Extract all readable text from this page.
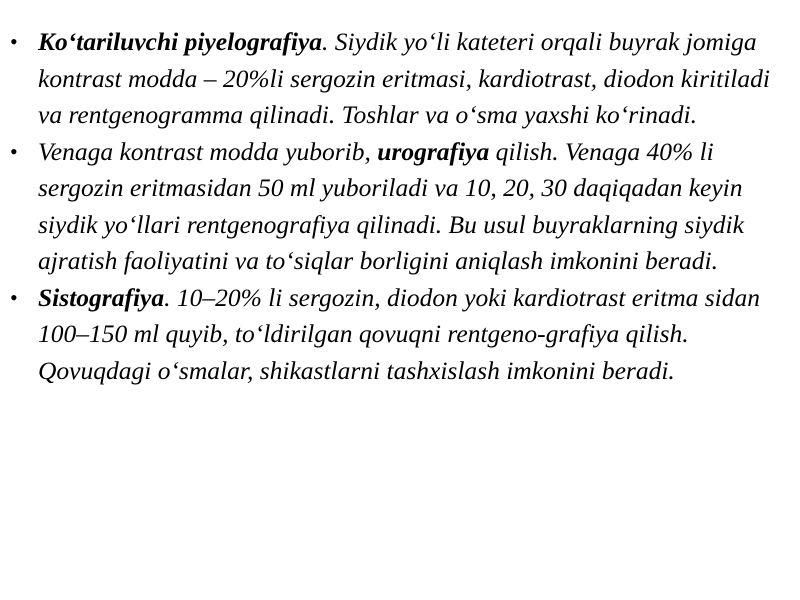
• Ko‘tariluvchi piyelografiya. Siydik yo‘li kateteri orqali buyrak jomiga kontrast modda – 20%li sergozin eritmasi, kardiotrast, diodon kiritiladi va rentgenogramma qilinadi. Toshlar va o‘sma yaxshi ko‘rinadi.
• Venaga kontrast modda yuborib, urografiya qilish. Venaga 40% li sergozin eritmasidan 50 ml yuboriladi va 10, 20, 30 daqiqadan keyin siydik yo‘llari rentgenografiya qilinadi. Bu usul buyraklarning siydik ajratish faoliyatini va to‘siqlar borligini aniqlash imkonini beradi.
• Sistografiya. 10–20% li sergozin, diodon yoki kardiotrast eritma sidan 100–150 ml quyib, to‘ldirilgan qovuqni rentgeno-grafiya qilish. Qovuqdagi o‘smalar, shikastlarni tashxislash imkonini beradi.
